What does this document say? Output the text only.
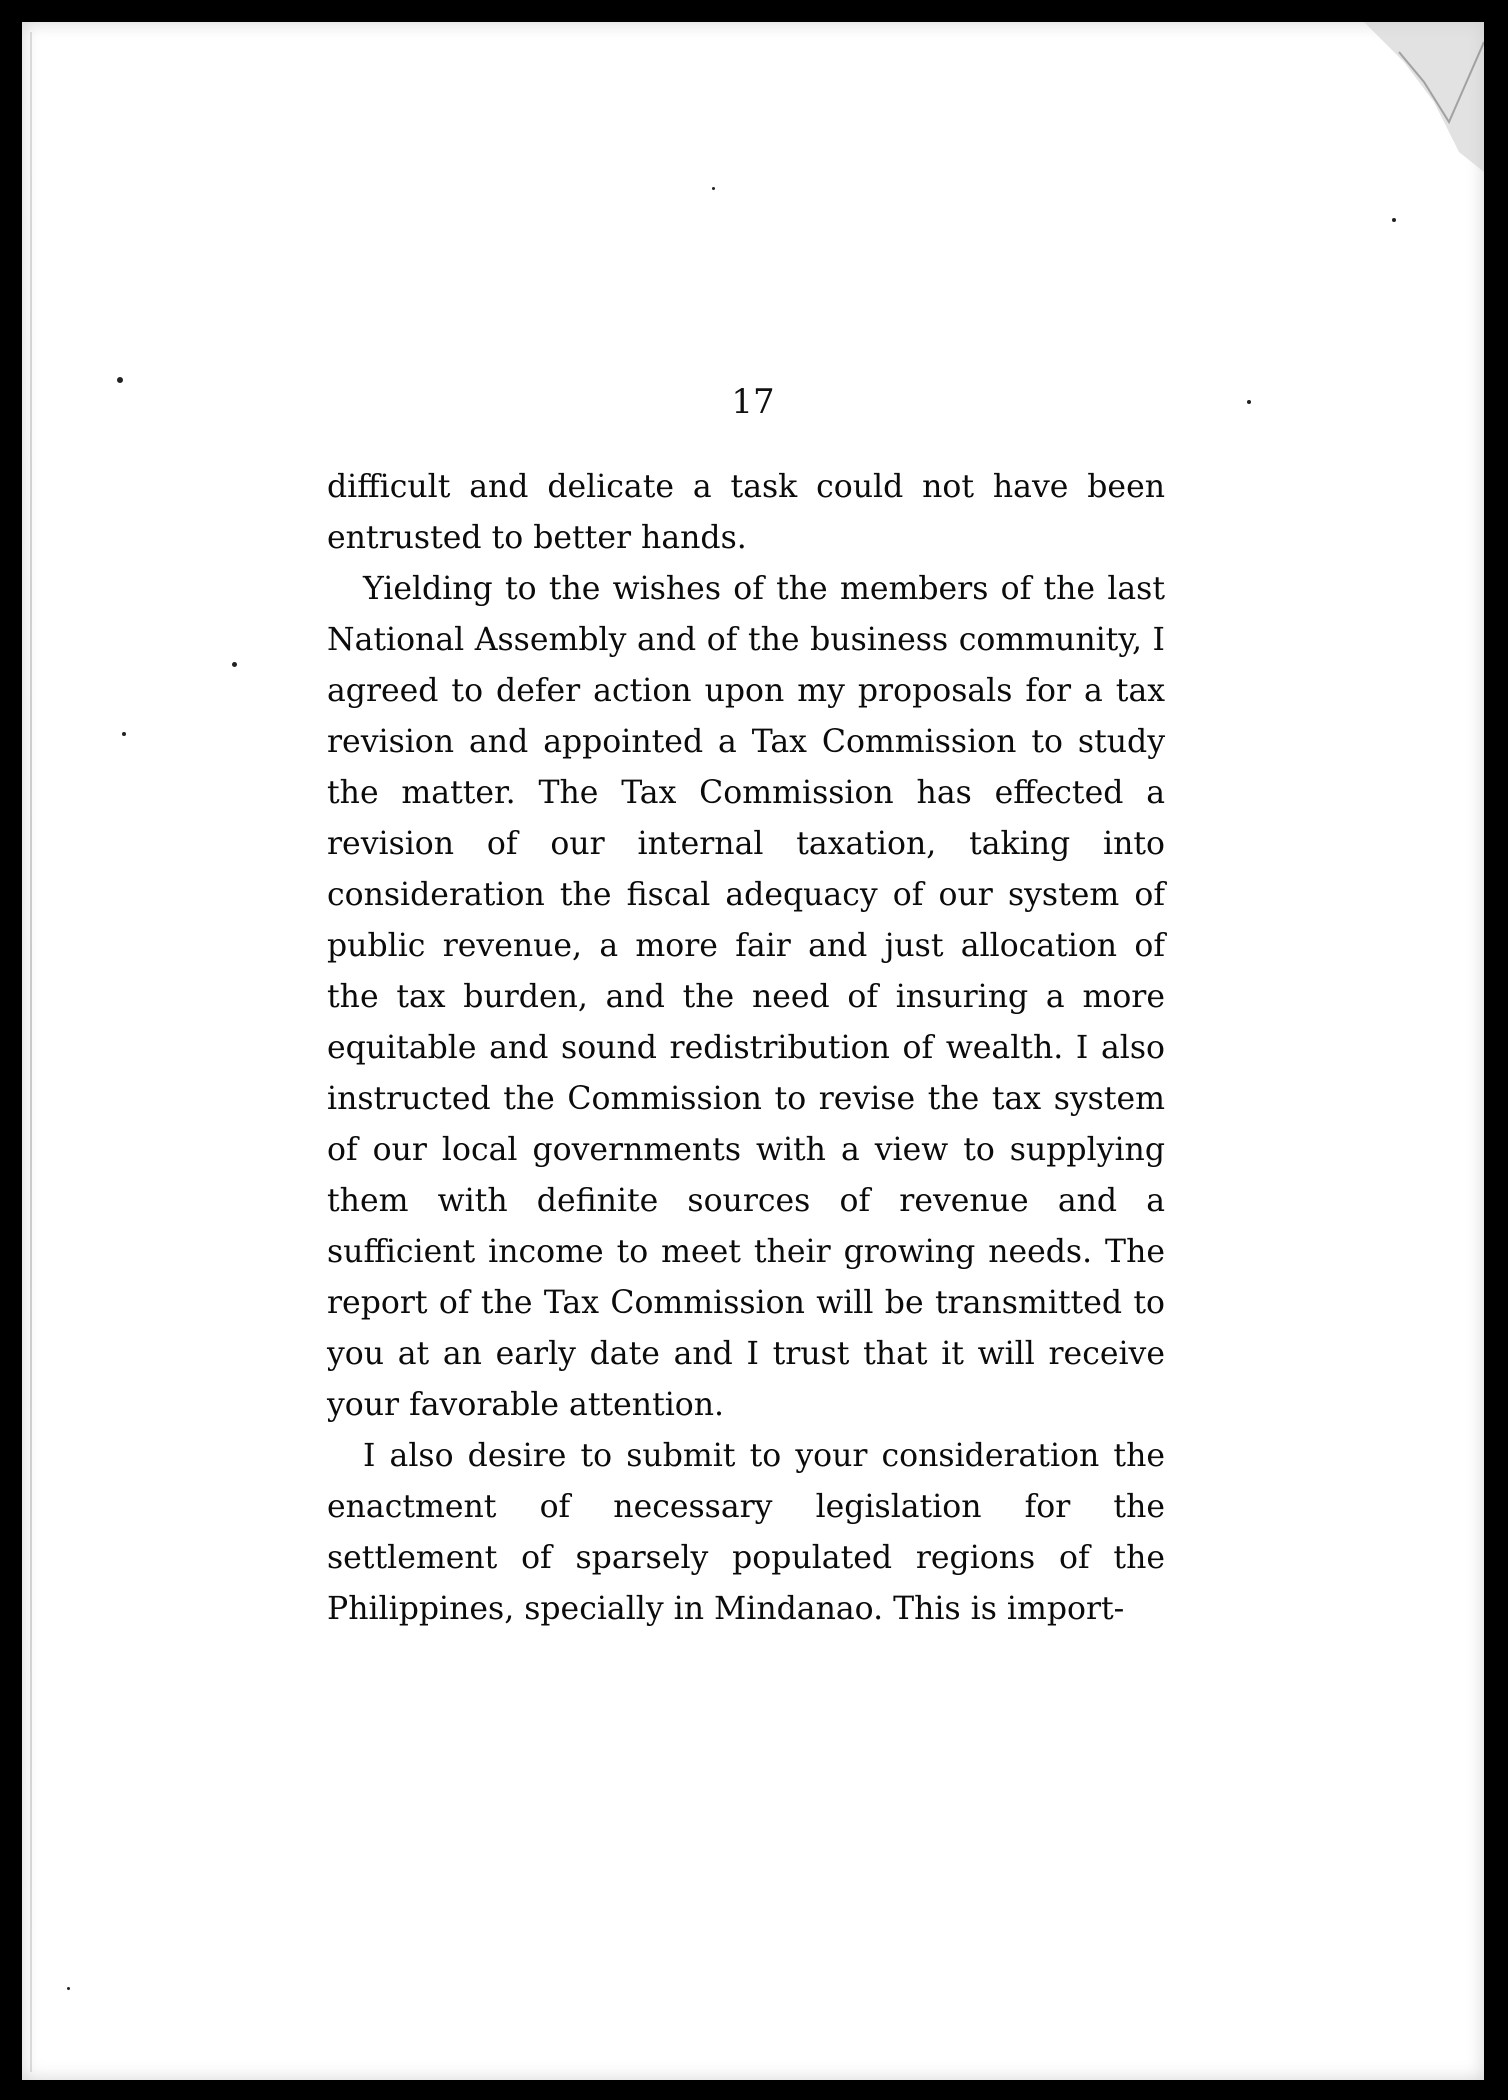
17

difficult and delicate a task could not have been entrusted to better hands.

Yielding to the wishes of the members of the last National Assembly and of the business community, I agreed to defer action upon my proposals for a tax revision and appointed a Tax Commission to study the matter. The Tax Commission has effected a revision of our internal taxation, taking into consideration the fiscal adequacy of our system of public revenue, a more fair and just allocation of the tax burden, and the need of insuring a more equitable and sound redistribution of wealth. I also instructed the Commission to revise the tax system of our local governments with a view to supplying them with definite sources of revenue and a sufficient income to meet their growing needs. The report of the Tax Commission will be transmitted to you at an early date and I trust that it will receive your favorable attention.

I also desire to submit to your consideration the enactment of necessary legislation for the settlement of sparsely populated regions of the Philippines, specially in Mindanao. This is import-
